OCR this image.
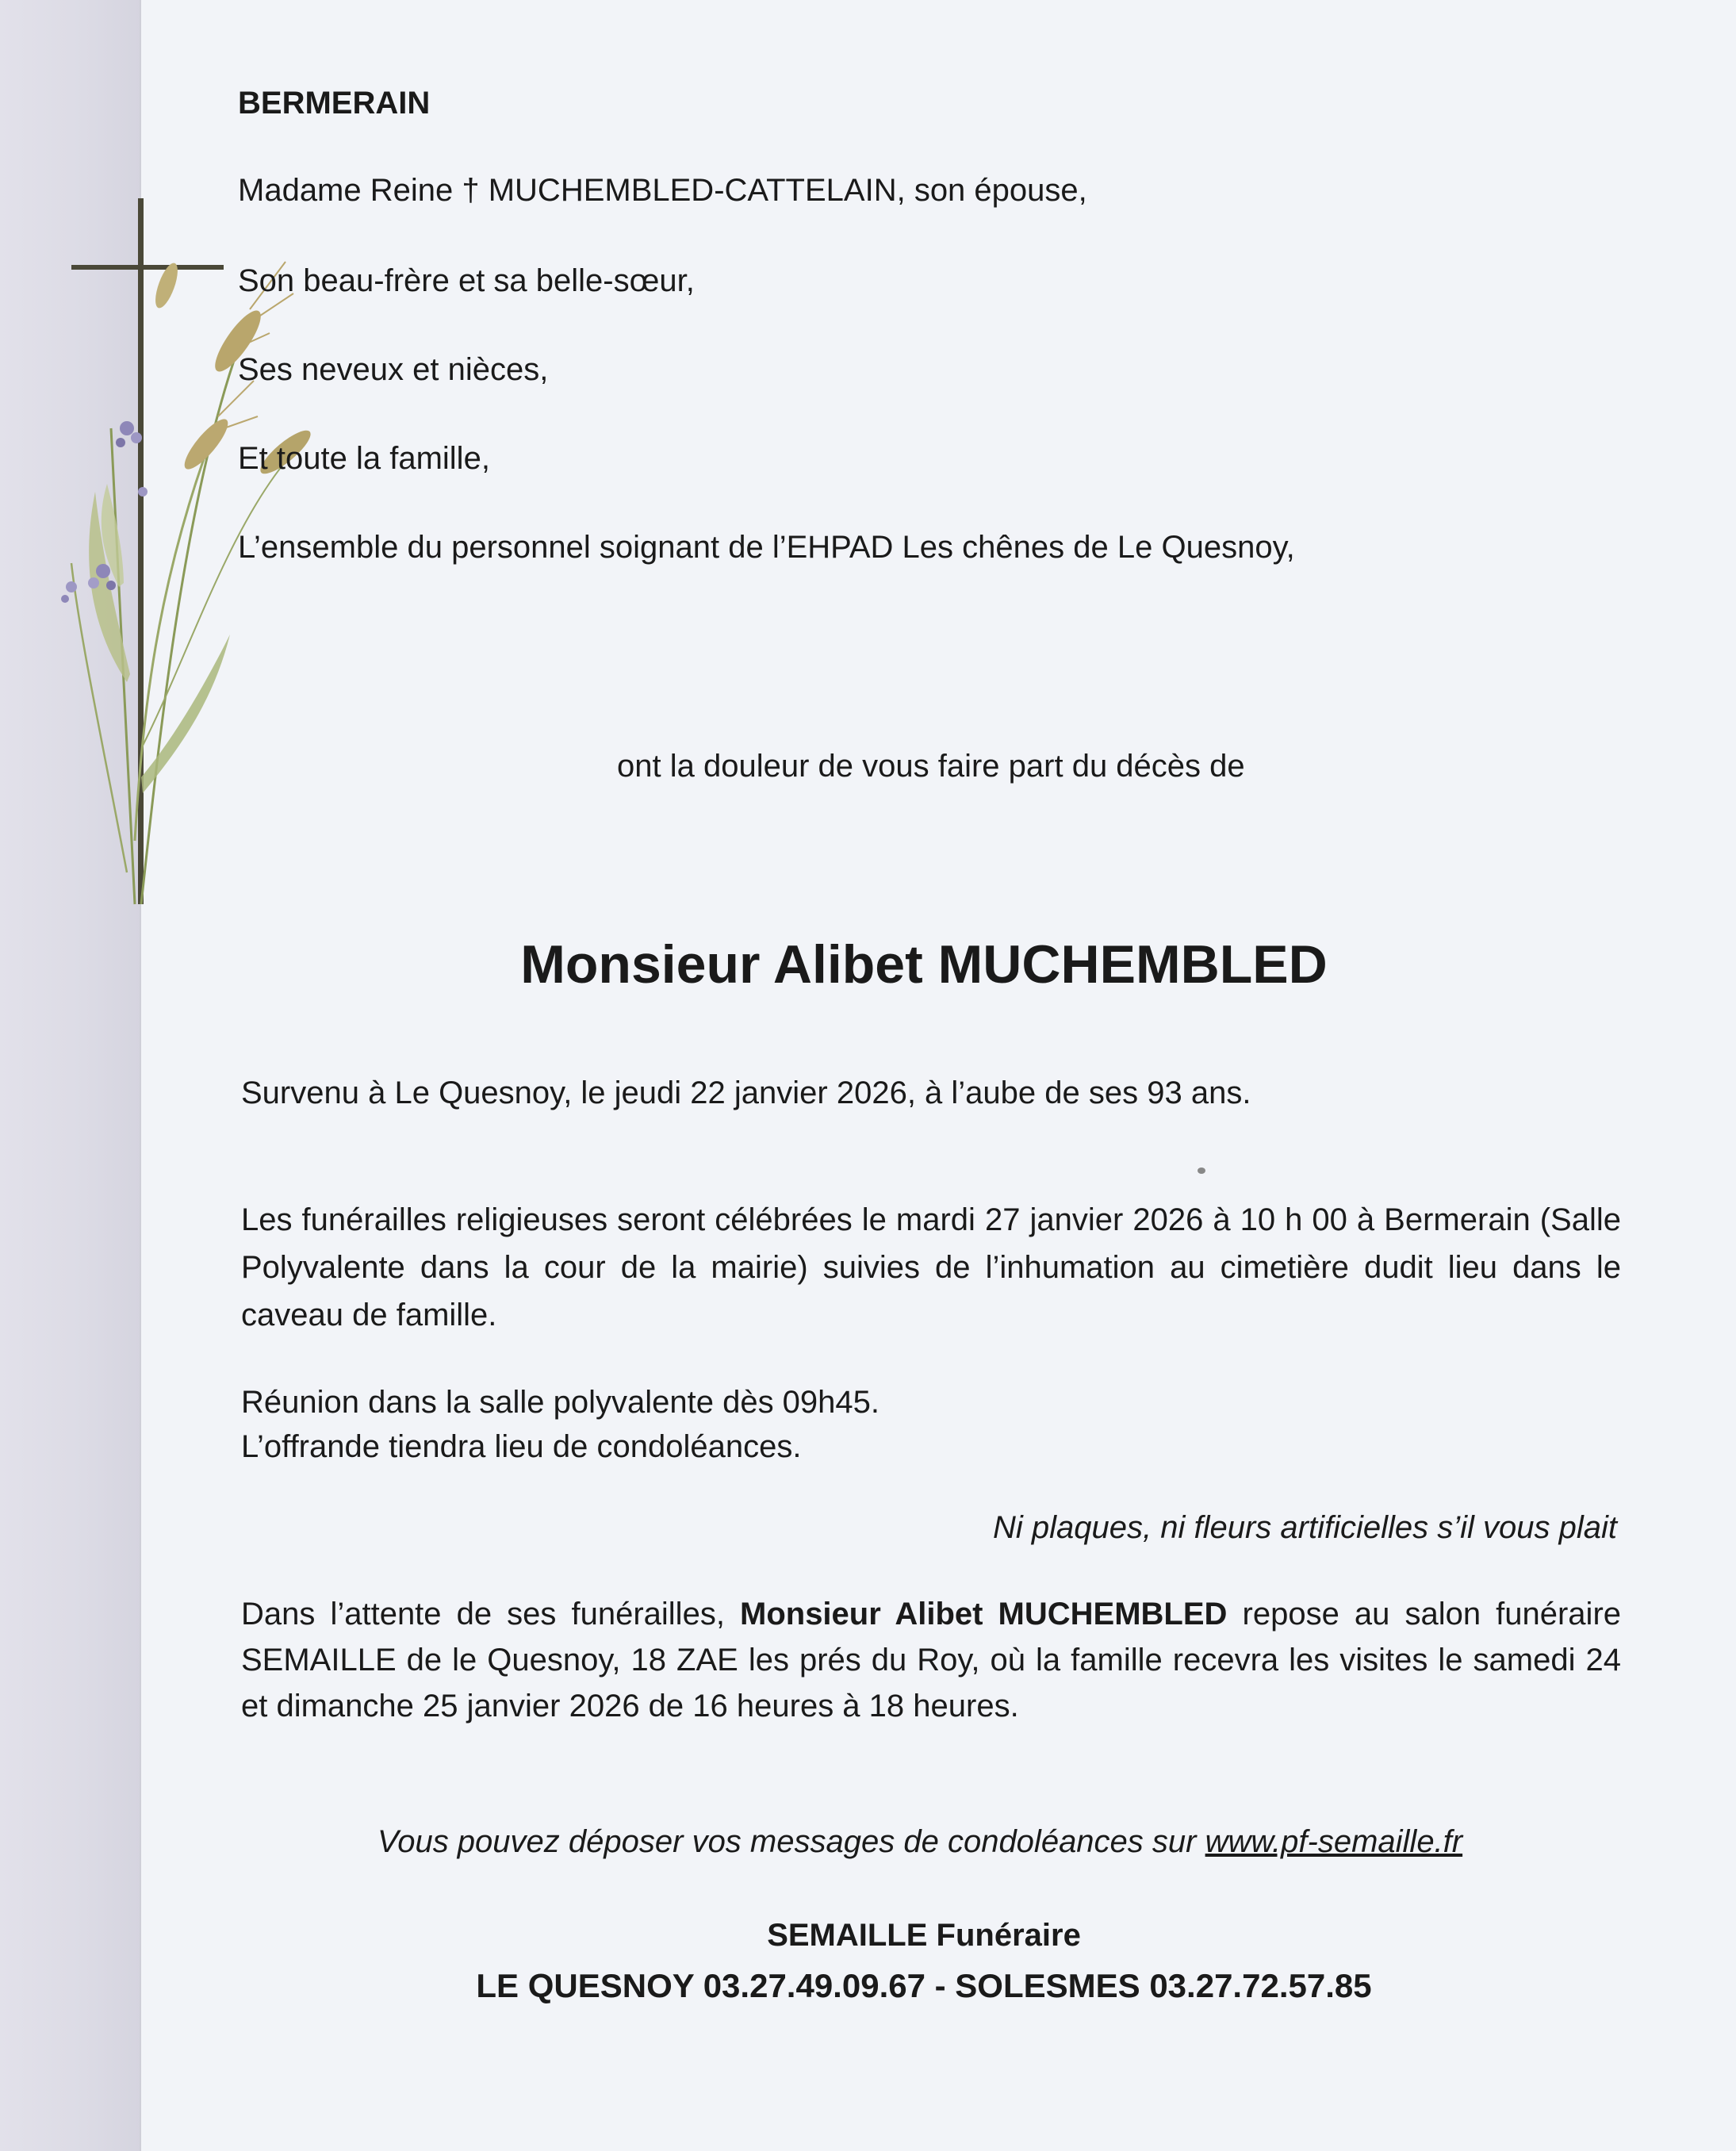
BERMERAIN
Madame Reine † MUCHEMBLED-CATTELAIN, son épouse,
Son beau-frère et sa belle-sœur,
Ses neveux et nièces,
Et toute la famille,
L’ensemble du personnel soignant de l’EHPAD Les chênes de Le Quesnoy,
ont la douleur de vous faire part du décès de
Monsieur Alibet MUCHEMBLED
Survenu à Le Quesnoy, le jeudi 22 janvier 2026, à l’aube de ses 93 ans.
Les funérailles religieuses seront célébrées le mardi 27 janvier 2026 à 10 h 00 à Bermerain (Salle Polyvalente dans la cour de la mairie) suivies de l’inhumation au cimetière dudit lieu dans le caveau de famille.
Réunion dans la salle polyvalente dès 09h45.
L’offrande tiendra lieu de condoléances.
Ni plaques, ni fleurs artificielles s’il vous plait
Dans l’attente de ses funérailles, Monsieur Alibet MUCHEMBLED repose au salon funéraire SEMAILLE de le Quesnoy, 18 ZAE les prés du Roy, où la famille recevra les visites le samedi 24 et dimanche 25 janvier 2026 de 16 heures à 18 heures.
Vous pouvez déposer vos messages de condoléances sur www.pf-semaille.fr
SEMAILLE Funéraire
LE QUESNOY 03.27.49.09.67 - SOLESMES 03.27.72.57.85
